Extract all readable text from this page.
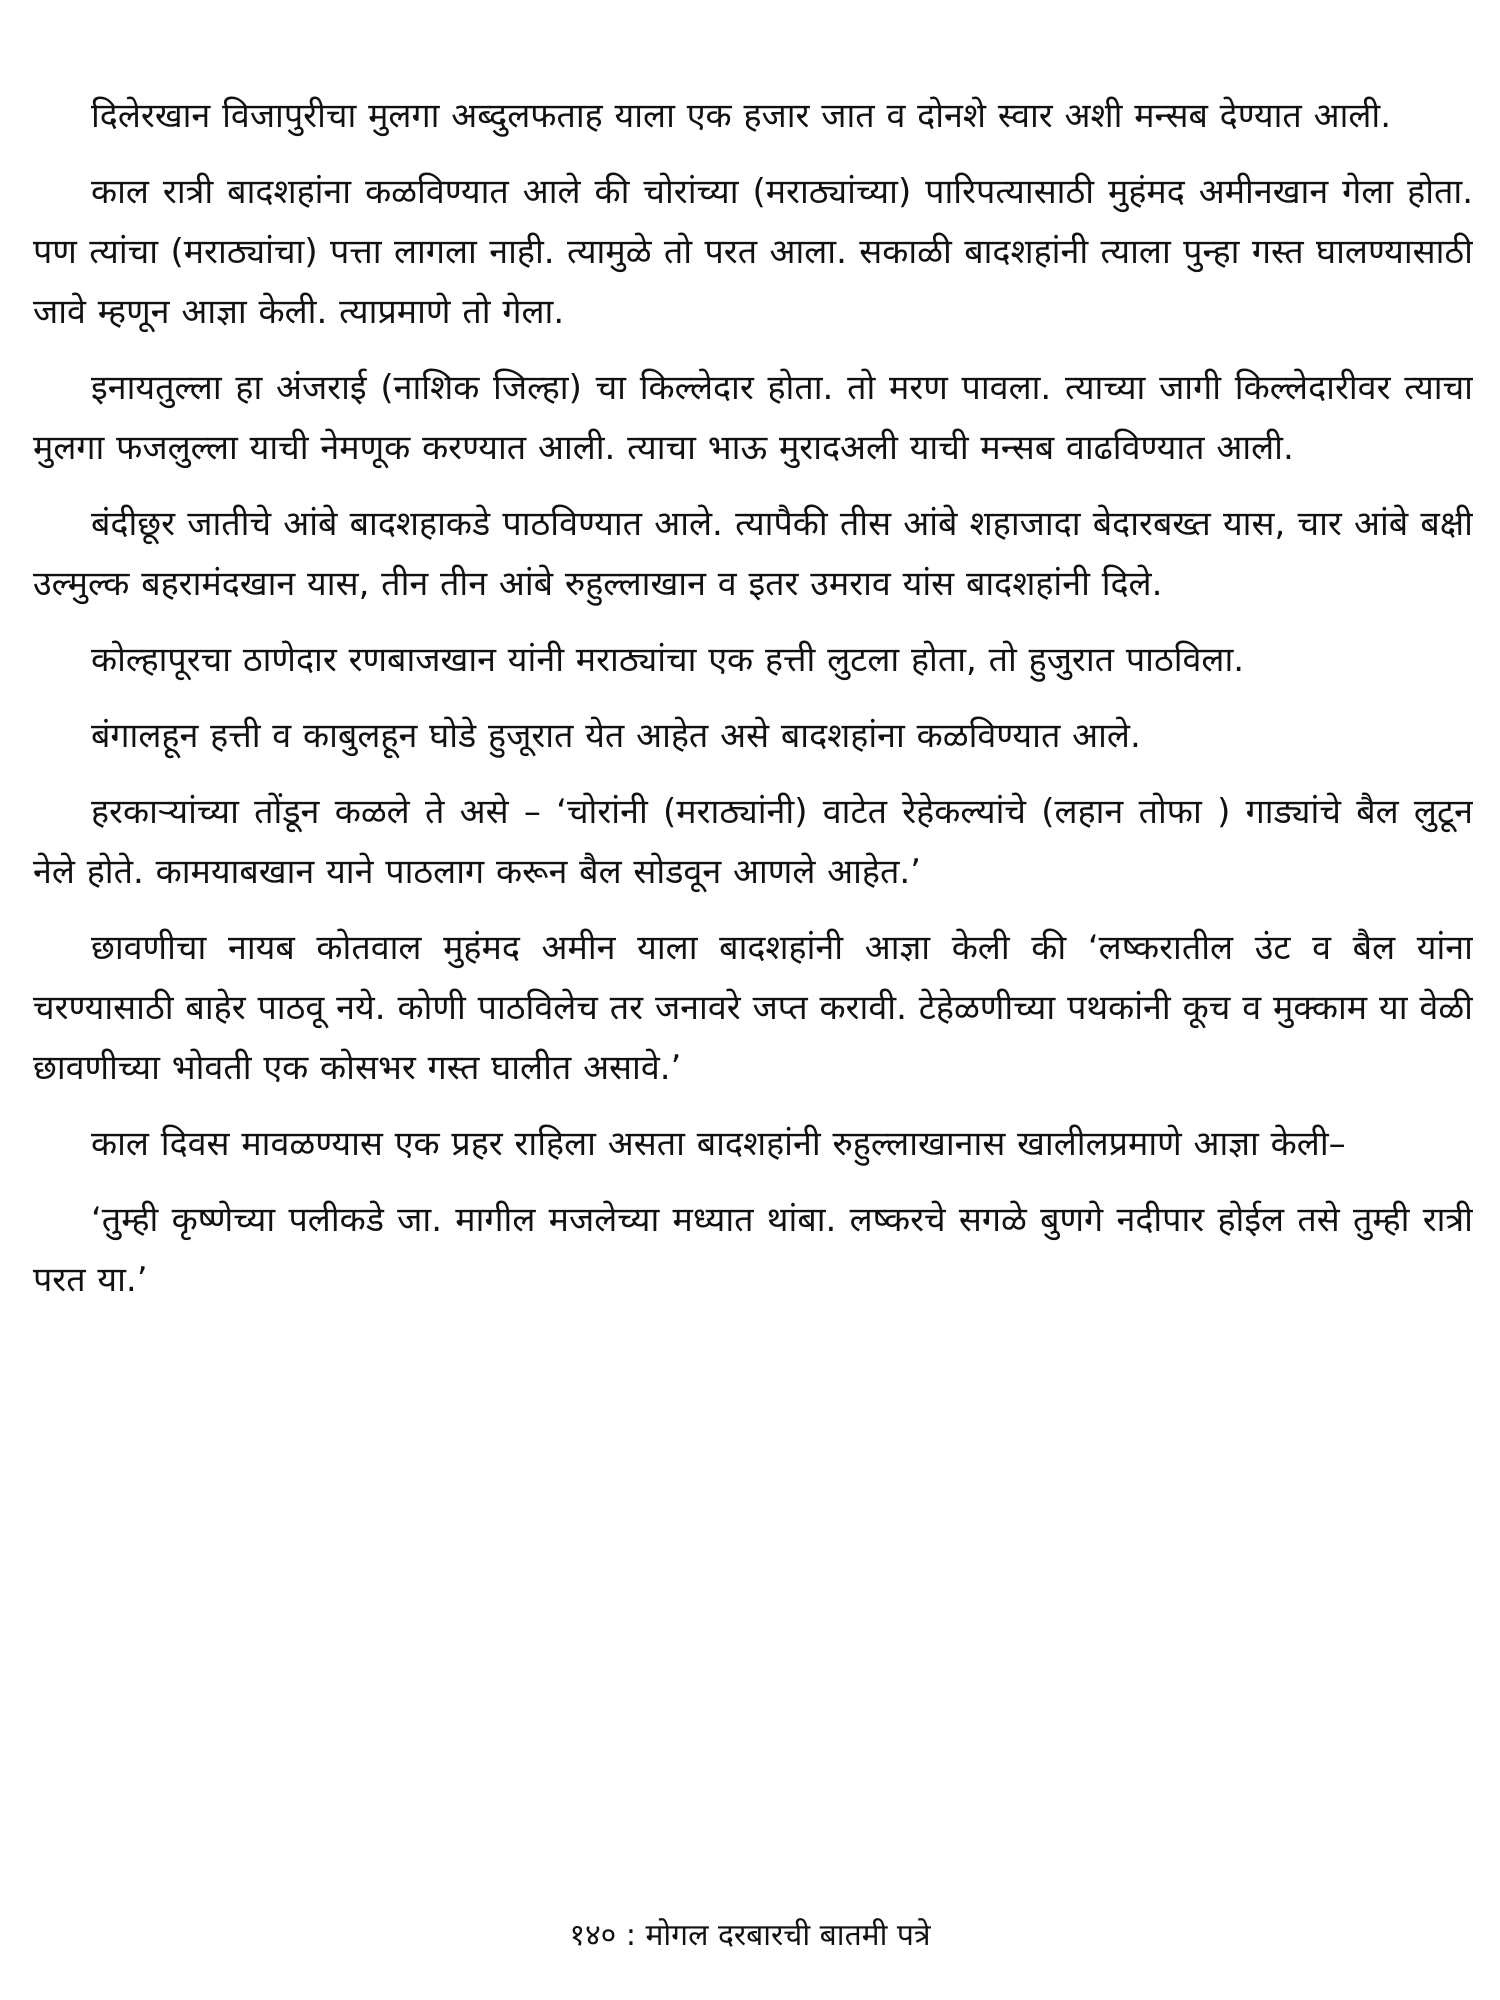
दिलेरखान विजापुरीचा मुलगा अब्दुलफताह याला एक हजार जात व दोनशे स्वार अशी मन्सब देण्यात आली.

काल रात्री बादशहांना कळविण्यात आले की चोरांच्या (मराठ्यांच्या) पारिपत्यासाठी मुहंमद अमीनखान गेला होता. पण त्यांचा (मराठ्यांचा) पत्ता लागला नाही. त्यामुळे तो परत आला. सकाळी बादशहांनी त्याला पुन्हा गस्त घालण्यासाठी जावे म्हणून आज्ञा केली. त्याप्रमाणे तो गेला.

इनायतुल्ला हा अंजराई (नाशिक जिल्हा) चा किल्लेदार होता. तो मरण पावला. त्याच्या जागी किल्लेदारीवर त्याचा मुलगा फजलुल्ला याची नेमणूक करण्यात आली. त्याचा भाऊ मुरादअली याची मन्सब वाढविण्यात आली.

बंदीछूर जातीचे आंबे बादशहाकडे पाठविण्यात आले. त्यापैकी तीस आंबे शहाजादा बेदारबख्त यास, चार आंबे बक्षी उल्मुल्क बहरामंदखान यास, तीन तीन आंबे रुहुल्लाखान व इतर उमराव यांस बादशहांनी दिले.

कोल्हापूरचा ठाणेदार रणबाजखान यांनी मराठ्यांचा एक हत्ती लुटला होता, तो हुजुरात पाठविला.

बंगालहून हत्ती व काबुलहून घोडे हुजूरात येत आहेत असे बादशहांना कळविण्यात आले.

हरकाऱ्यांच्या तोंडून कळले ते असे – ‘चोरांनी (मराठ्यांनी) वाटेत रेहेकल्यांचे (लहान तोफा ) गाड्यांचे बैल लुटून नेले होते. कामयाबखान याने पाठलाग करून बैल सोडवून आणले आहेत.’

छावणीचा नायब कोतवाल मुहंमद अमीन याला बादशहांनी आज्ञा केली की ‘लष्करातील उंट व बैल यांना चरण्यासाठी बाहेर पाठवू नये. कोणी पाठविलेच तर जनावरे जप्त करावी. टेहेळणीच्या पथकांनी कूच व मुक्काम या वेळी छावणीच्या भोवती एक कोसभर गस्त घालीत असावे.’

काल दिवस मावळण्यास एक प्रहर राहिला असता बादशहांनी रुहुल्लाखानास खालीलप्रमाणे आज्ञा केली–

‘तुम्ही कृष्णेच्या पलीकडे जा. मागील मजलेच्या मध्यात थांबा. लष्करचे सगळे बुणगे नदीपार होईल तसे तुम्ही रात्री परत या.’

१४० : मोगल दरबारची बातमी पत्रे
